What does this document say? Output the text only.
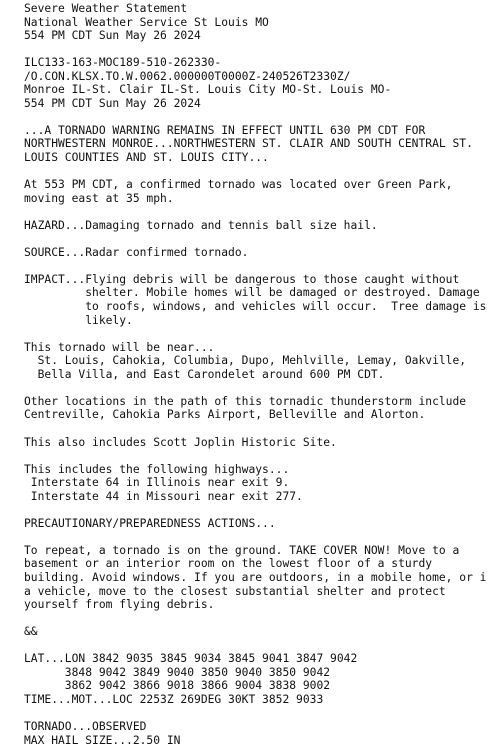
Severe Weather Statement
National Weather Service St Louis MO
554 PM CDT Sun May 26 2024
ILC133-163-MOC189-510-262330-
/O.CON.KLSX.TO.W.0062.000000T0000Z-240526T2330Z/
Monroe IL-St. Clair IL-St. Louis City MO-St. Louis MO-
554 PM CDT Sun May 26 2024
...A TORNADO WARNING REMAINS IN EFFECT UNTIL 630 PM CDT FOR
NORTHWESTERN MONROE...NORTHWESTERN ST. CLAIR AND SOUTH CENTRAL ST.
LOUIS COUNTIES AND ST. LOUIS CITY...
At 553 PM CDT, a confirmed tornado was located over Green Park,
moving east at 35 mph.
HAZARD...Damaging tornado and tennis ball size hail.
SOURCE...Radar confirmed tornado.
IMPACT...Flying debris will be dangerous to those caught without
shelter. Mobile homes will be damaged or destroyed. Damage
to roofs, windows, and vehicles will occur.  Tree damage is
likely.
This tornado will be near...
St. Louis, Cahokia, Columbia, Dupo, Mehlville, Lemay, Oakville,
Bella Villa, and East Carondelet around 600 PM CDT.
Other locations in the path of this tornadic thunderstorm include
Centreville, Cahokia Parks Airport, Belleville and Alorton.
This also includes Scott Joplin Historic Site.
This includes the following highways...
Interstate 64 in Illinois near exit 9.
Interstate 44 in Missouri near exit 277.
PRECAUTIONARY/PREPAREDNESS ACTIONS...
To repeat, a tornado is on the ground. TAKE COVER NOW! Move to a
basement or an interior room on the lowest floor of a sturdy
building. Avoid windows. If you are outdoors, in a mobile home, or i
a vehicle, move to the closest substantial shelter and protect
yourself from flying debris.
&&
LAT...LON 3842 9035 3845 9034 3845 9041 3847 9042
3848 9042 3849 9040 3850 9040 3850 9042
3862 9042 3866 9018 3866 9004 3838 9002
TIME...MOT...LOC 2253Z 269DEG 30KT 3852 9033
TORNADO...OBSERVED
MAX HAIL SIZE...2.50 IN
